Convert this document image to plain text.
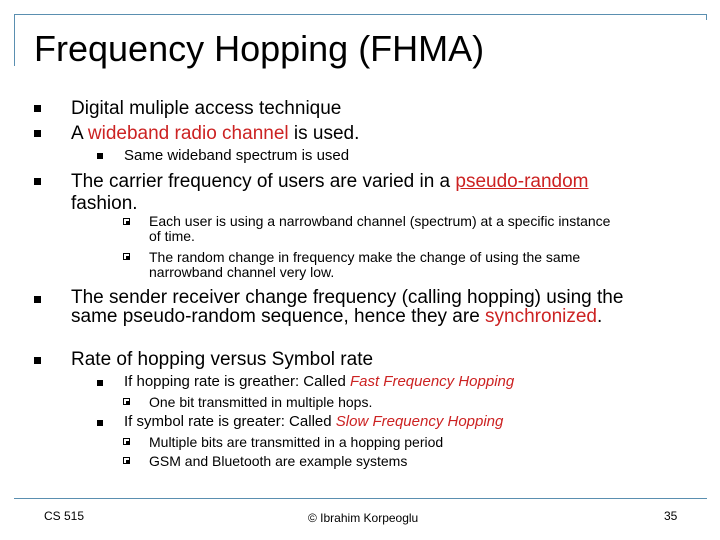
Frequency Hopping (FHMA)
Digital muliple access technique
A wideband radio channel is used.
Same wideband spectrum is used
The carrier frequency of users are varied in a pseudo-random
fashion.
Each user is using a narrowband channel (spectrum) at a specific instance
of time.
The random change in frequency make the change of using the same
narrowband channel very low.
The sender receiver change frequency (calling hopping) using the
same pseudo-random sequence, hence they are synchronized.
Rate of hopping versus Symbol rate
If hopping rate is greather: Called Fast Frequency Hopping
One bit transmitted in multiple hops.
If symbol rate is greater: Called Slow Frequency Hopping
Multiple bits are transmitted in a hopping period
GSM and Bluetooth are example systems
CS 515	© Ibrahim Korpeoglu	35
